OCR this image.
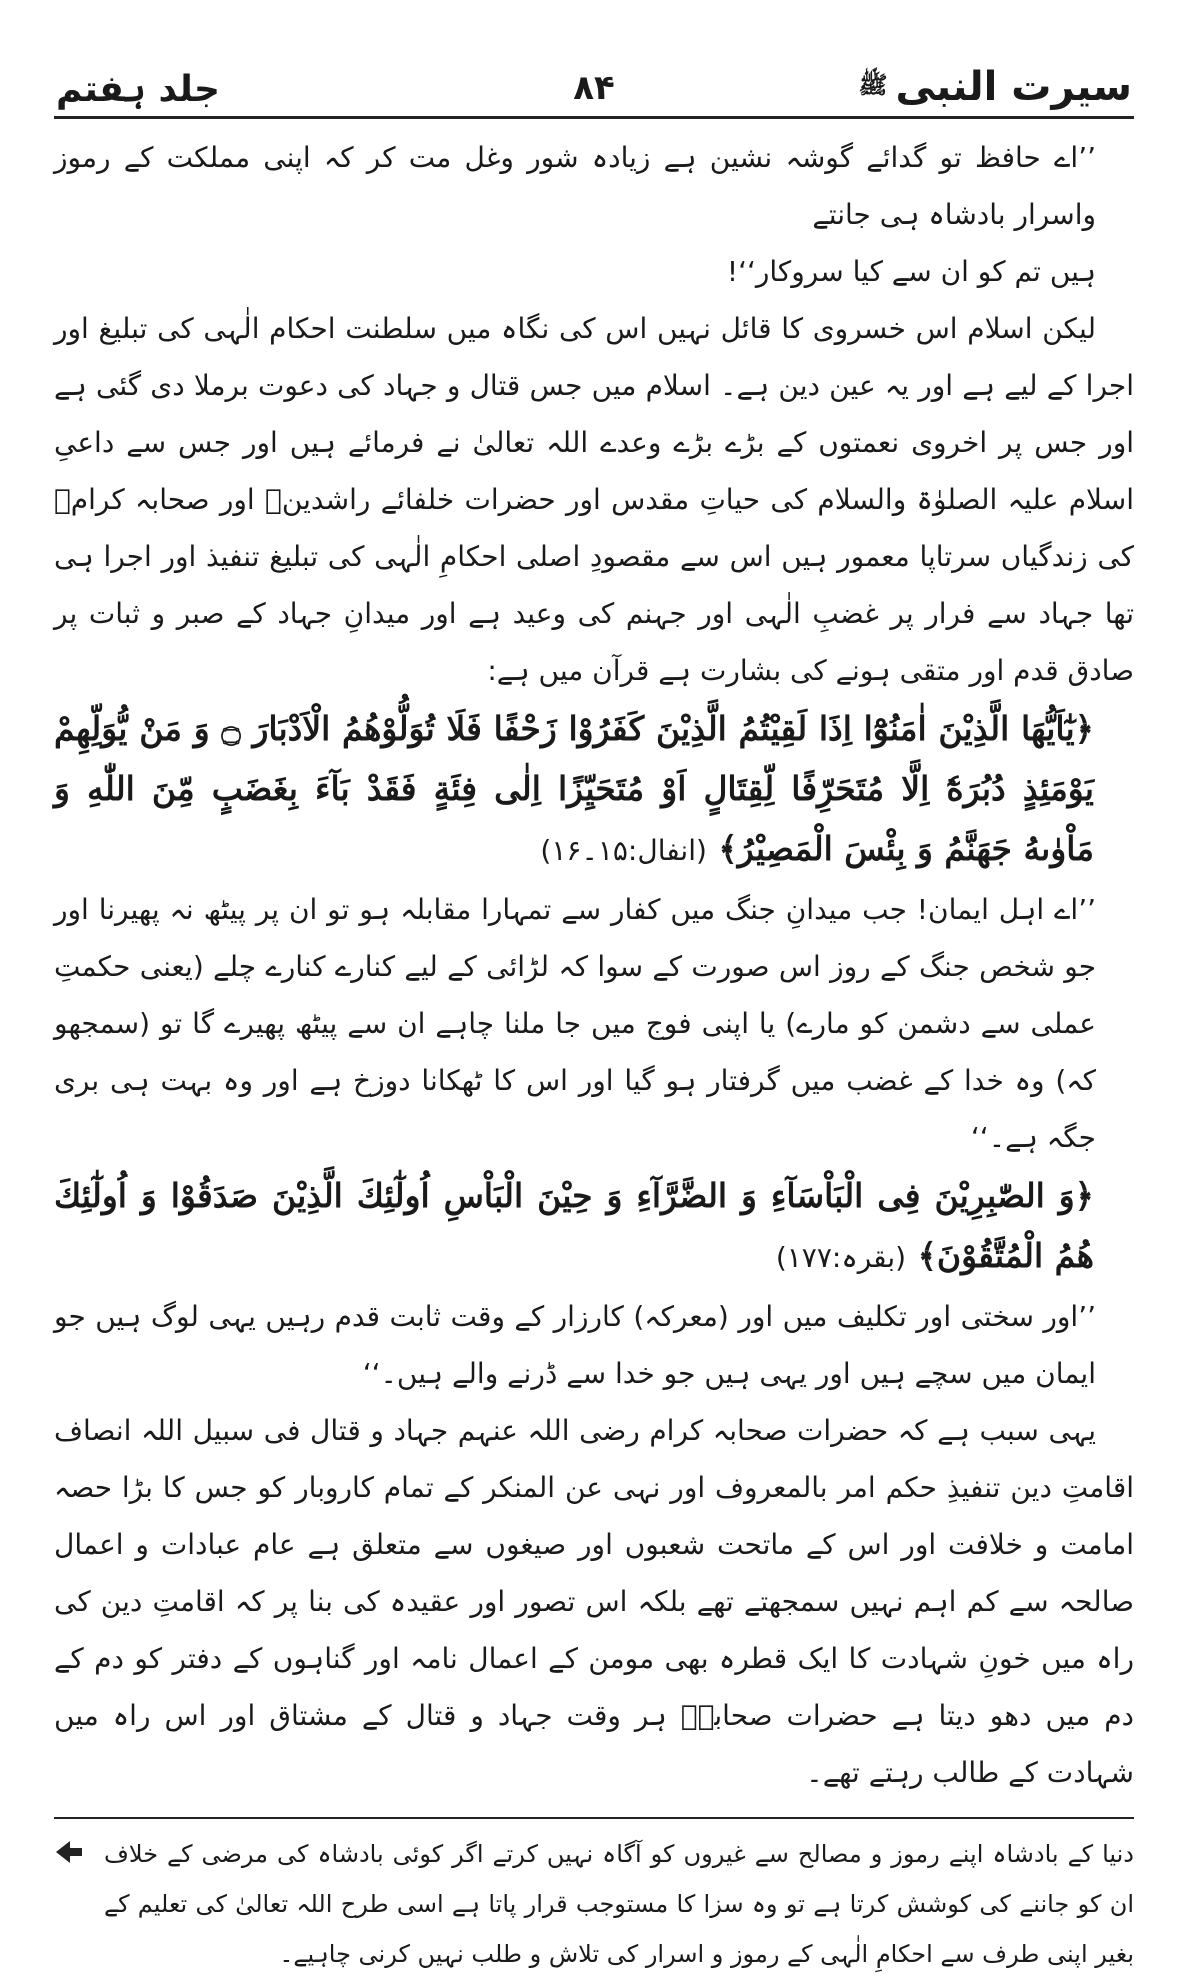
سیرت النبی
ﷺ
۸۴
جلد ہفتم

’’اے حافظ تو گدائے گوشہ نشین ہے زیادہ شور وغل مت کر کہ اپنی مملکت کے رموز واسرار بادشاہ ہی جانتے

ہیں تم کو ان سے کیا سروکار‘‘!

لیکن اسلام اس خسروی کا قائل نہیں اس کی نگاہ میں سلطنت احکام الٰہی کی تبلیغ اور اجرا کے لیے ہے اور یہ عین دین ہے۔ اسلام میں جس قتال و جہاد کی دعوت برملا دی گئی ہے اور جس پر اخروی نعمتوں کے بڑے بڑے وعدے اللہ تعالیٰ نے فرمائے ہیں اور جس سے داعیِ اسلام علیہ الصلوٰۃ والسلام کی حیاتِ مقدس اور حضرات خلفائے راشدینؓ اور صحابہ کرامؓ کی زندگیاں سرتاپا معمور ہیں اس سے مقصودِ اصلی احکامِ الٰہی کی تبلیغ تنفیذ اور اجرا ہی تھا جہاد سے فرار پر غضبِ الٰہی اور جہنم کی وعید ہے اور میدانِ جہاد کے صبر و ثبات پر صادق قدم اور متقی ہونے کی بشارت ہے قرآن میں ہے:

﴿يٰٓاَيُّهَا الَّذِيْنَ اٰمَنُوْٓا اِذَا لَقِيْتُمُ الَّذِيْنَ كَفَرُوْا زَحْفًا فَلَا تُوَلُّوْهُمُ الْاَدْبَارَ ۝ وَ مَنْ يُّوَلِّهِمْ يَوْمَئِذٍ دُبُرَهٗٓ اِلَّا مُتَحَرِّفًا لِّقِتَالٍ اَوْ مُتَحَيِّزًا اِلٰى فِئَةٍ فَقَدْ بَآءَ بِغَضَبٍ مِّنَ اللّٰهِ وَ مَاْوٰىهُ جَهَنَّمُ وَ بِئْسَ الْمَصِيْرُ﴾ (انفال:۱۵۔۱۶)

’’اے اہل ایمان! جب میدانِ جنگ میں کفار سے تمہارا مقابلہ ہو تو ان پر پیٹھ نہ پھیرنا اور جو شخص جنگ کے روز اس صورت کے سوا کہ لڑائی کے لیے کنارے کنارے چلے (یعنی حکمتِ عملی سے دشمن کو مارے) یا اپنی فوج میں جا ملنا چاہے ان سے پیٹھ پھیرے گا تو (سمجھو کہ) وہ خدا کے غضب میں گرفتار ہو گیا اور اس کا ٹھکانا دوزخ ہے اور وہ بہت ہی بری جگہ ہے۔‘‘

﴿وَ الصّٰبِرِيْنَ فِى الْبَاْسَآءِ وَ الضَّرَّآءِ وَ حِيْنَ الْبَاْسِ اُولٰٓئِكَ الَّذِيْنَ صَدَقُوْا وَ اُولٰٓئِكَ هُمُ الْمُتَّقُوْنَ﴾ (بقرہ:۱۷۷)

’’اور سختی اور تکلیف میں اور (معرکہ) کارزار کے وقت ثابت قدم رہیں یہی لوگ ہیں جو ایمان میں سچے ہیں اور یہی ہیں جو خدا سے ڈرنے والے ہیں۔‘‘

یہی سبب ہے کہ حضرات صحابہ کرام رضی اللہ عنہم جہاد و قتال فی سبیل اللہ انصاف اقامتِ دین تنفیذِ حکم امر بالمعروف اور نہی عن المنکر کے تمام کاروبار کو جس کا بڑا حصہ امامت و خلافت اور اس کے ماتحت شعبوں اور صیغوں سے متعلق ہے عام عبادات و اعمال صالحہ سے کم اہم نہیں سمجھتے تھے بلکہ اس تصور اور عقیدہ کی بنا پر کہ اقامتِ دین کی راہ میں خونِ شہادت کا ایک قطرہ بھی مومن کے اعمال نامہ اور گناہوں کے دفتر کو دم کے دم میں دھو دیتا ہے حضرات صحابہؓ ہر وقت جہاد و قتال کے مشتاق اور اس راہ میں شہادت کے طالب رہتے تھے۔

دنیا کے بادشاہ اپنے رموز و مصالح سے غیروں کو آگاہ نہیں کرتے اگر کوئی بادشاہ کی مرضی کے خلاف ان کو جاننے کی کوشش کرتا ہے تو وہ سزا کا مستوجب قرار پاتا ہے اسی طرح اللہ تعالیٰ کی تعلیم کے بغیر اپنی طرف سے احکامِ الٰہی کے رموز و اسرار کی تلاش و طلب نہیں کرنی چاہیے۔
